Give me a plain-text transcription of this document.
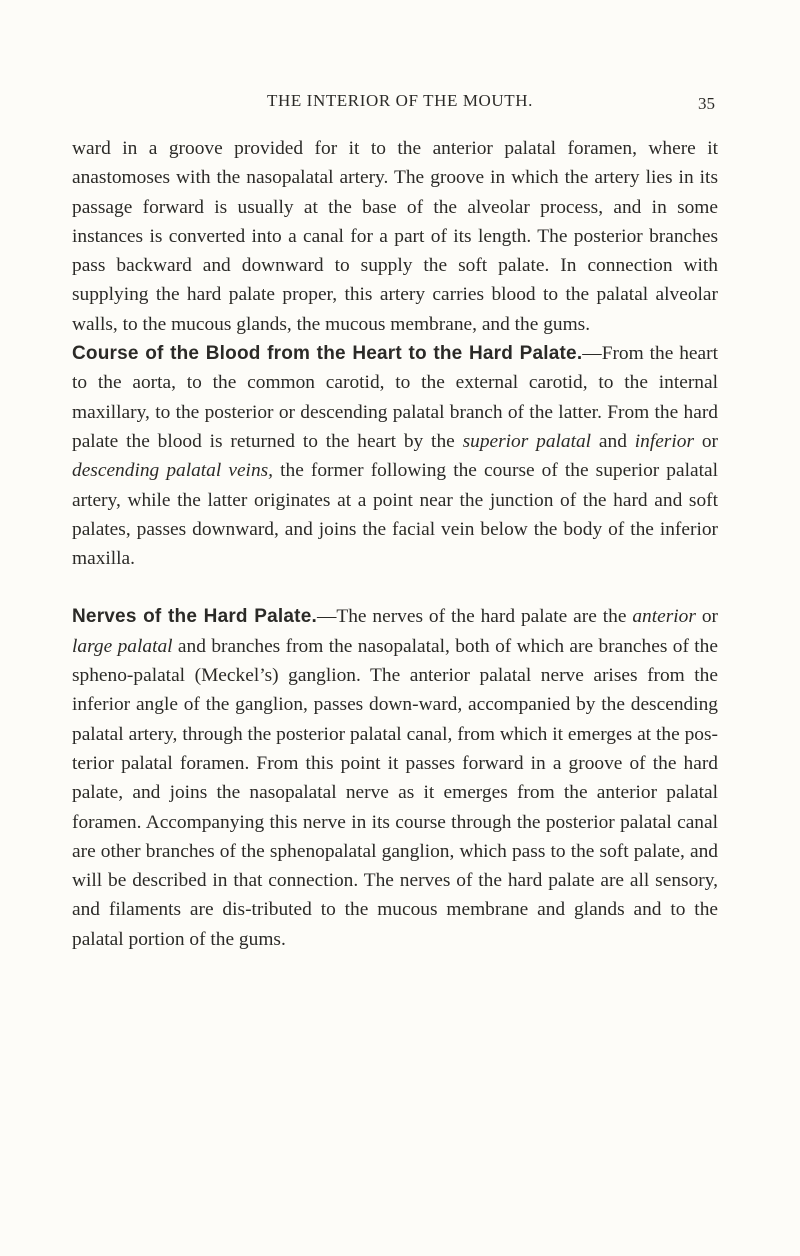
THE INTERIOR OF THE MOUTH.	35

ward in a groove provided for it to the anterior palatal foramen, where it anastomoses with the nasopalatal artery. The groove in which the artery lies in its passage forward is usually at the base of the alveolar process, and in some instances is converted into a canal for a part of its length. The posterior branches pass backward and downward to supply the soft palate. In connection with supplying the hard palate proper, this artery carries blood to the palatal alveolar walls, to the mucous glands, the mucous membrane, and the gums.

Course of the Blood from the Heart to the Hard Palate.—From the heart to the aorta, to the common carotid, to the external carotid, to the internal maxillary, to the posterior or descending palatal branch of the latter. From the hard palate the blood is returned to the heart by the superior palatal and inferior or descending palatal veins, the former following the course of the superior palatal artery, while the latter originates at a point near the junction of the hard and soft palates, passes downward, and joins the facial vein below the body of the inferior maxilla.

Nerves of the Hard Palate.—The nerves of the hard palate are the anterior or large palatal and branches from the nasopalatal, both of which are branches of the spheno-palatal (Meckel’s) ganglion. The anterior palatal nerve arises from the inferior angle of the ganglion, passes down-ward, accompanied by the descending palatal artery, through the posterior palatal canal, from which it emerges at the pos-terior palatal foramen. From this point it passes forward in a groove of the hard palate, and joins the nasopalatal nerve as it emerges from the anterior palatal foramen. Accompanying this nerve in its course through the posterior palatal canal are other branches of the sphenopalatal ganglion, which pass to the soft palate, and will be described in that connection. The nerves of the hard palate are all sensory, and filaments are dis-tributed to the mucous membrane and glands and to the palatal portion of the gums.
